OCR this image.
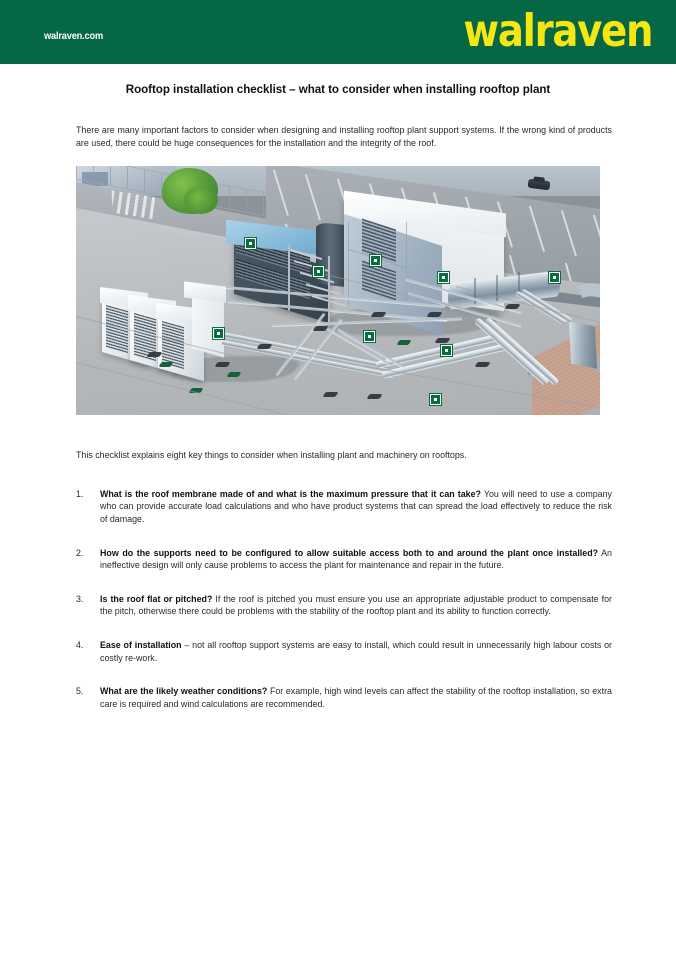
walraven.com	walraven
Rooftop installation checklist – what to consider when installing rooftop plant

There are many important factors to consider when designing and installing rooftop plant support systems. If the wrong kind of products are used, there could be huge consequences for the installation and the integrity of the roof.

This checklist explains eight key things to consider when installing plant and machinery on rooftops.

1.	What is the roof membrane made of and what is the maximum pressure that it can take? You will need to use a company who can provide accurate load calculations and who have product systems that can spread the load effectively to reduce the risk of damage.
2.	How do the supports need to be configured to allow suitable access both to and around the plant once installed? An ineffective design will only cause problems to access the plant for maintenance and repair in the future.
3.	Is the roof flat or pitched? If the roof is pitched you must ensure you use an appropriate adjustable product to compensate for the pitch, otherwise there could be problems with the stability of the rooftop plant and its ability to function correctly.
4.	Ease of installation – not all rooftop support systems are easy to install, which could result in unnecessarily high labour costs or costly re-work.
5.	What are the likely weather conditions? For example, high wind levels can affect the stability of the rooftop installation, so extra care is required and wind calculations are recommended.
